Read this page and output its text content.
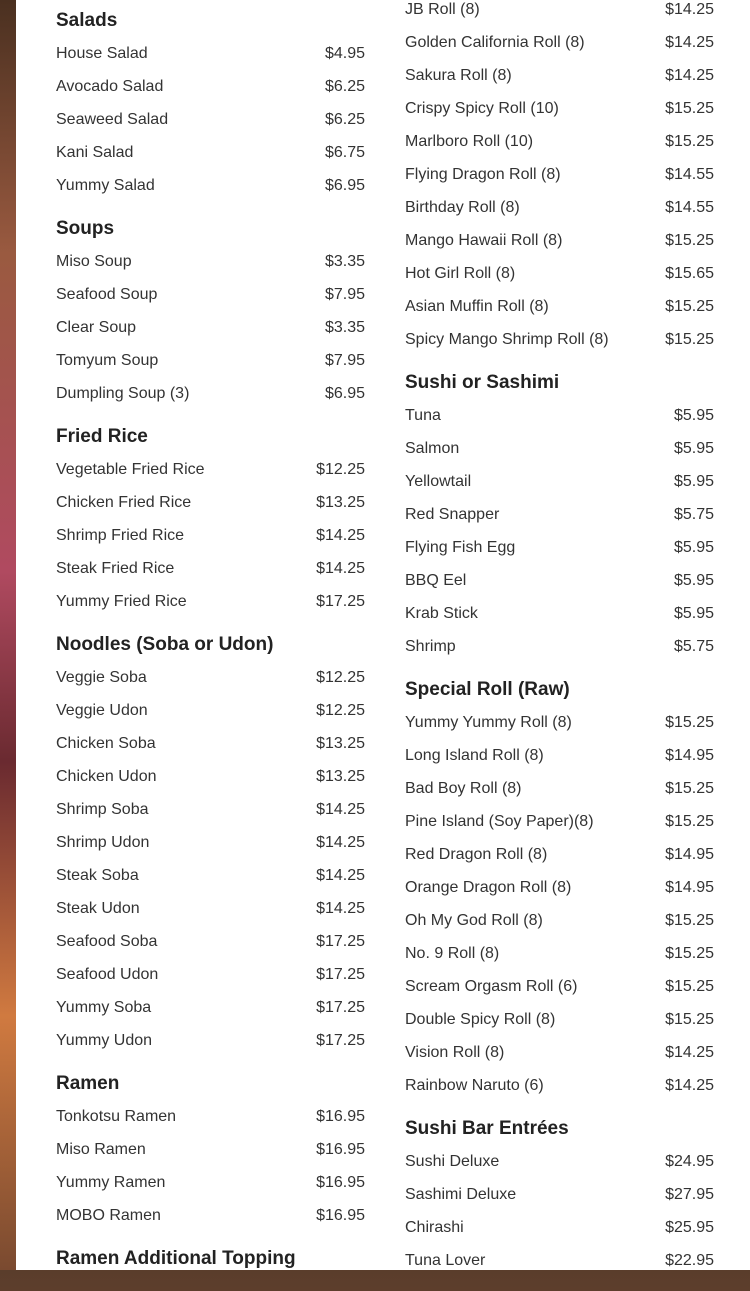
Salads
House Salad	$4.95
Avocado Salad	$6.25
Seaweed Salad	$6.25
Kani Salad	$6.75
Yummy Salad	$6.95
Soups
Miso Soup	$3.35
Seafood Soup	$7.95
Clear Soup	$3.35
Tomyum Soup	$7.95
Dumpling Soup (3)	$6.95
Fried Rice
Vegetable Fried Rice	$12.25
Chicken Fried Rice	$13.25
Shrimp Fried Rice	$14.25
Steak Fried Rice	$14.25
Yummy Fried Rice	$17.25
Noodles (Soba or Udon)
Veggie Soba	$12.25
Veggie Udon	$12.25
Chicken Soba	$13.25
Chicken Udon	$13.25
Shrimp Soba	$14.25
Shrimp Udon	$14.25
Steak Soba	$14.25
Steak Udon	$14.25
Seafood Soba	$17.25
Seafood Udon	$17.25
Yummy Soba	$17.25
Yummy Udon	$17.25
Ramen
Tonkotsu Ramen	$16.95
Miso Ramen	$16.95
Yummy Ramen	$16.95
MOBO Ramen	$16.95
Ramen Additional Topping
JB Roll (8)	$14.25
Golden California Roll (8)	$14.25
Sakura Roll (8)	$14.25
Crispy Spicy Roll (10)	$15.25
Marlboro Roll (10)	$15.25
Flying Dragon Roll (8)	$14.55
Birthday Roll (8)	$14.55
Mango Hawaii Roll (8)	$15.25
Hot Girl Roll (8)	$15.65
Asian Muffin Roll (8)	$15.25
Spicy Mango Shrimp Roll (8)	$15.25
Sushi or Sashimi
Tuna	$5.95
Salmon	$5.95
Yellowtail	$5.95
Red Snapper	$5.75
Flying Fish Egg	$5.95
BBQ Eel	$5.95
Krab Stick	$5.95
Shrimp	$5.75
Special Roll (Raw)
Yummy Yummy Roll (8)	$15.25
Long Island Roll (8)	$14.95
Bad Boy Roll (8)	$15.25
Pine Island (Soy Paper)(8)	$15.25
Red Dragon Roll (8)	$14.95
Orange Dragon Roll (8)	$14.95
Oh My God Roll (8)	$15.25
No. 9 Roll (8)	$15.25
Scream Orgasm Roll (6)	$15.25
Double Spicy Roll (8)	$15.25
Vision Roll (8)	$14.25
Rainbow Naruto (6)	$14.25
Sushi Bar Entrées
Sushi Deluxe	$24.95
Sashimi Deluxe	$27.95
Chirashi	$25.95
Tuna Lover	$22.95
